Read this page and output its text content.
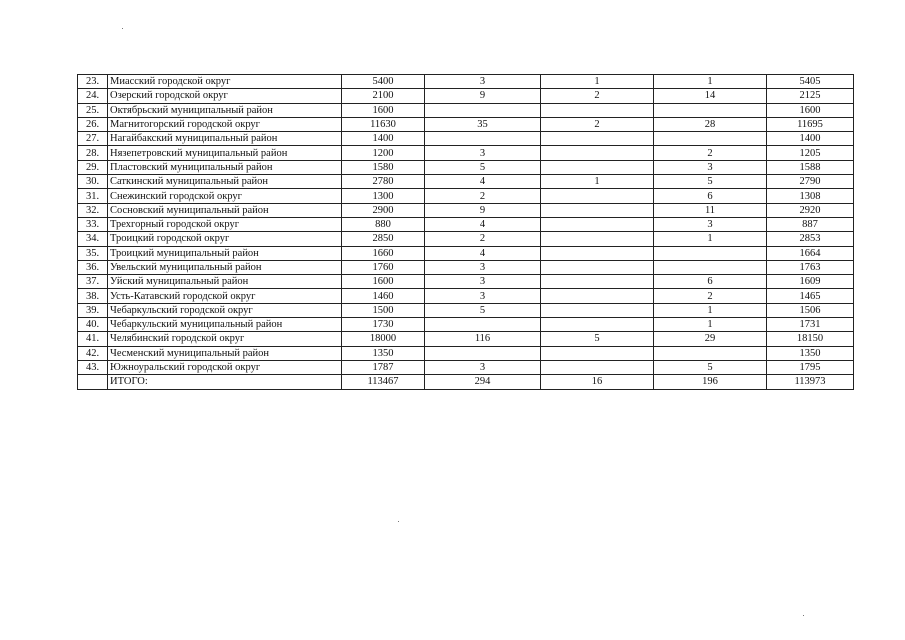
23.	Миасский городской округ	5400	3	1	1	5405
24.	Озерский городской округ	2100	9	2	14	2125
25.	Октябрьский муниципальный район	1600				1600
26.	Магнитогорский городской округ	11630	35	2	28	11695
27.	Нагайбакский муниципальный район	1400				1400
28.	Нязепетровский муниципальный район	1200	3		2	1205
29.	Пластовский муниципальный район	1580	5		3	1588
30.	Саткинский муниципальный район	2780	4	1	5	2790
31.	Снежинский городской округ	1300	2		6	1308
32.	Сосновский муниципальный район	2900	9		11	2920
33.	Трехгорный городской округ	880	4		3	887
34.	Троицкий городской округ	2850	2		1	2853
35.	Троицкий муниципальный район	1660	4			1664
36.	Увельский муниципальный район	1760	3			1763
37.	Уйский муниципальный район	1600	3		6	1609
38.	Усть-Катавский городской округ	1460	3		2	1465
39.	Чебаркульский городской округ	1500	5		1	1506
40.	Чебаркульский муниципальный район	1730			1	1731
41.	Челябинский городской округ	18000	116	5	29	18150
42.	Чесменский муниципальный район	1350				1350
43.	Южноуральский городской округ	1787	3		5	1795
	ИТОГО:	113467	294	16	196	113973
